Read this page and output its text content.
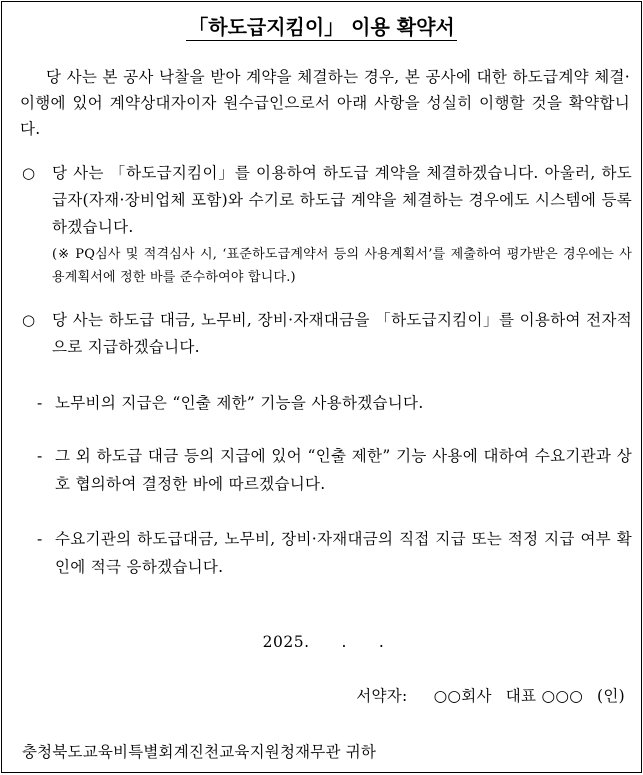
「하도급지킴이」 이용 확약서
당 사는 본 공사 낙찰을 받아 계약을 체결하는 경우, 본 공사에 대한 하도급계약 체결·이행에 있어 계약상대자이자 원수급인으로서 아래 사항을 성실히 이행할 것을 확약합니다.
○ 당 사는 「하도급지킴이」를 이용하여 하도급 계약을 체결하겠습니다. 아울러, 하도급자(자재·장비업체 포함)와 수기로 하도급 계약을 체결하는 경우에도 시스템에 등록하겠습니다.
(※ PQ심사 및 적격심사 시, ‘표준하도급계약서 등의 사용계획서’를 제출하여 평가받은 경우에는 사용계획서에 정한 바를 준수하여야 합니다.)
○ 당 사는 하도급 대금, 노무비, 장비·자재대금을 「하도급지킴이」를 이용하여 전자적으로 지급하겠습니다.
- 노무비의 지급은 “인출 제한” 기능을 사용하겠습니다.
- 그 외 하도급 대금 등의 지급에 있어 “인출 제한” 기능 사용에 대하여 수요기관과 상호 협의하여 결정한 바에 따르겠습니다.
- 수요기관의 하도급대금, 노무비, 장비·자재대금의 직접 지급 또는 적정 지급 여부 확인에 적극 응하겠습니다.
2025.　　.　　.
서약자: ○○회사 대표 ○○○ (인)
충청북도교육비특별회계진천교육지원청재무관 귀하
